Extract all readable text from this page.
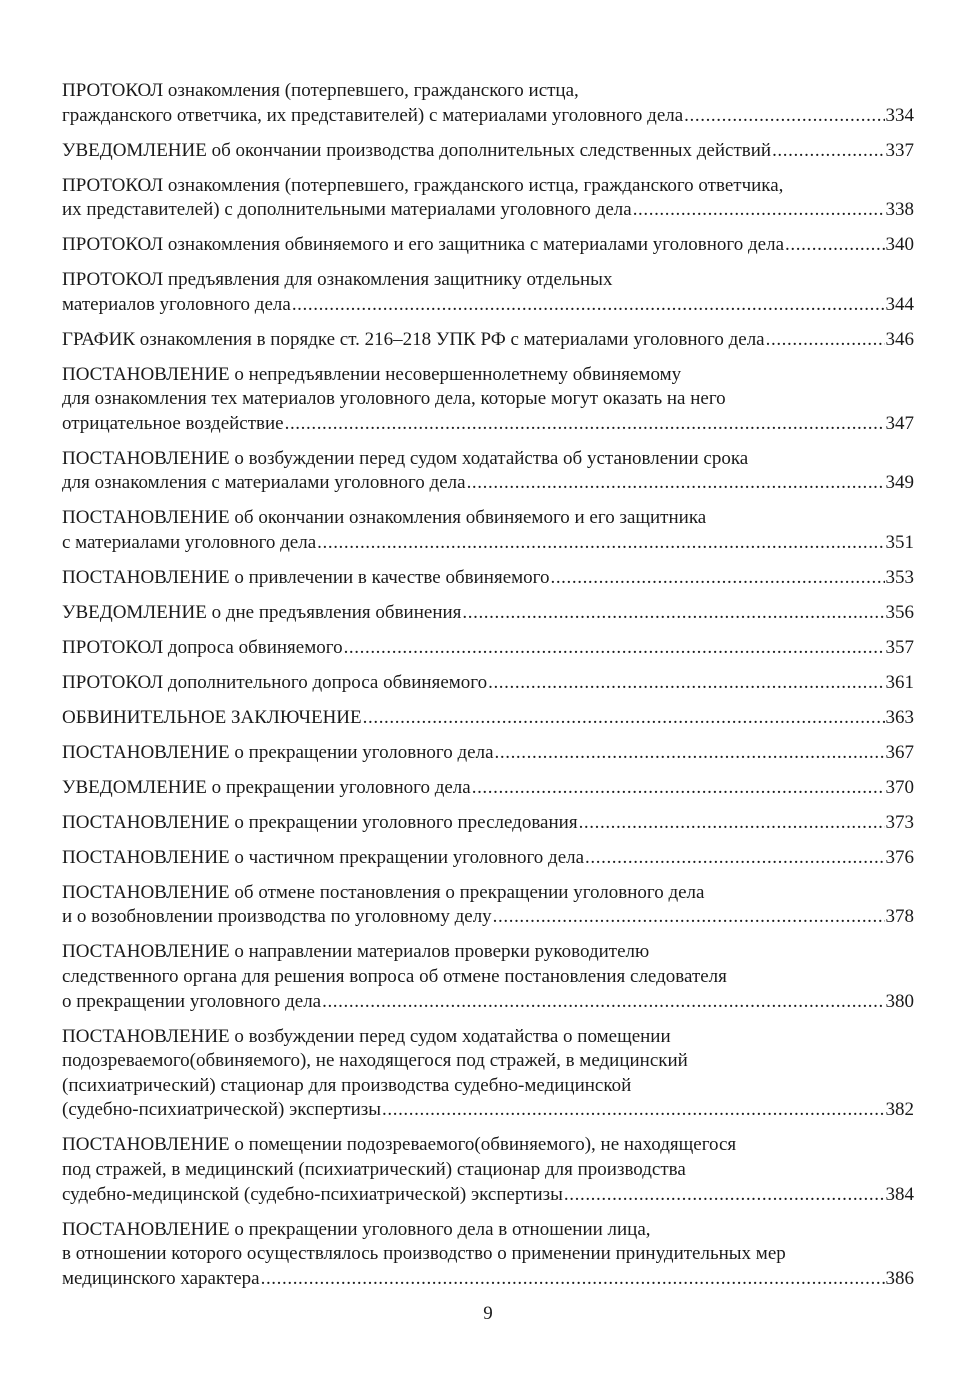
ПРОТОКОЛ ознакомления (потерпевшего, гражданского истца,
гражданского ответчика, их представителей) с материалами уголовного дела .....	334
УВЕДОМЛЕНИЕ об окончании производства дополнительных следственных действий .....	337
ПРОТОКОЛ ознакомления (потерпевшего, гражданского истца, гражданского ответчика,
их представителей) с дополнительными материалами уголовного дела .....	338
ПРОТОКОЛ ознакомления обвиняемого и его защитника с материалами уголовного дела .....	340
ПРОТОКОЛ предъявления для ознакомления защитнику отдельных
материалов уголовного дела .....	344
ГРАФИК ознакомления в порядке ст. 216–218 УПК РФ с материалами уголовного дела .....	346
ПОСТАНОВЛЕНИЕ о непредъявлении несовершеннолетнему обвиняемому
для ознакомления тех материалов уголовного дела, которые могут оказать на него
отрицательное воздействие .....	347
ПОСТАНОВЛЕНИЕ о возбуждении перед судом ходатайства об установлении срока
для ознакомления с материалами уголовного дела .....	349
ПОСТАНОВЛЕНИЕ об окончании ознакомления обвиняемого и его защитника
с материалами уголовного дела .....	351
ПОСТАНОВЛЕНИЕ о привлечении в качестве обвиняемого .....	353
УВЕДОМЛЕНИЕ о дне предъявления обвинения .....	356
ПРОТОКОЛ допроса обвиняемого .....	357
ПРОТОКОЛ дополнительного допроса обвиняемого .....	361
ОБВИНИТЕЛЬНОЕ ЗАКЛЮЧЕНИЕ .....	363
ПОСТАНОВЛЕНИЕ о прекращении уголовного дела .....	367
УВЕДОМЛЕНИЕ о прекращении уголовного дела .....	370
ПОСТАНОВЛЕНИЕ о прекращении уголовного преследования .....	373
ПОСТАНОВЛЕНИЕ о частичном прекращении уголовного дела .....	376
ПОСТАНОВЛЕНИЕ об отмене постановления о прекращении уголовного дела
и о возобновлении производства по уголовному делу .....	378
ПОСТАНОВЛЕНИЕ о направлении материалов проверки руководителю
следственного органа для решения вопроса об отмене постановления следователя
о прекращении уголовного дела .....	380
ПОСТАНОВЛЕНИЕ о возбуждении перед судом ходатайства о помещении
подозреваемого(обвиняемого), не находящегося под стражей, в медицинский
(психиатрический) стационар для производства судебно-медицинской
(судебно-психиатрической) экспертизы .....	382
ПОСТАНОВЛЕНИЕ о помещении подозреваемого(обвиняемого), не находящегося
под стражей, в медицинский (психиатрический) стационар для производства
судебно-медицинской (судебно-психиатрической) экспертизы .....	384
ПОСТАНОВЛЕНИЕ о прекращении уголовного дела в отношении лица,
в отношении которого осуществлялось производство о применении принудительных мер
медицинского характера .....	386
9
